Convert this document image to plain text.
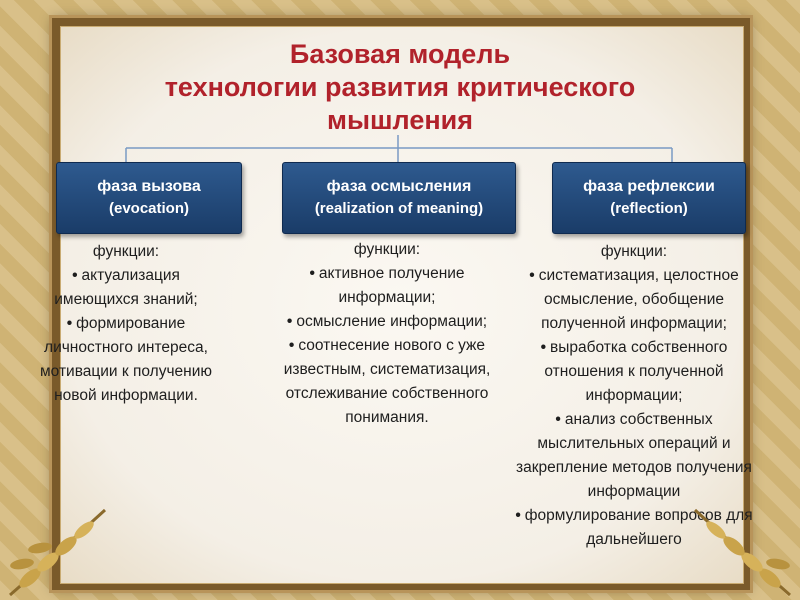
Базовая модель
технологии развития критического
мышления
фаза вызова
(evocation)
фаза осмысления
(realization of meaning)
фаза рефлексии
(reflection)
функции:
• актуализация имеющихся знаний;
• формирование личностного интереса, мотивации к получению новой информации.
функции:
• активное получение информации;
• осмысление информации;
• соотнесение нового с уже известным, систематизация, отслеживание собственного понимания.
функции:
• систематизация, целостное осмысление, обобщение полученной информации;
• выработка собственного отношения к полученной информации;
• анализ собственных мыслительных операций и закрепление методов получения информации
• формулирование вопросов для дальнейшего
